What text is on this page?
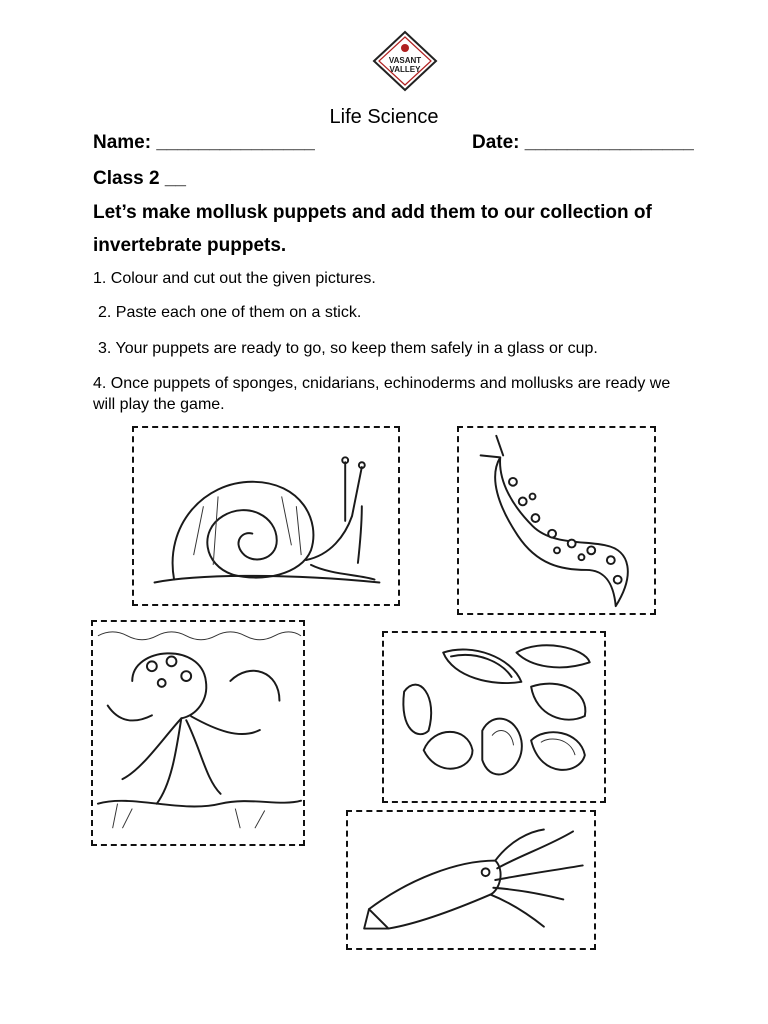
VASANT
VALLEY
Life Science
Name: _______________	Date: ________________
Class 2 __
Let’s make mollusk puppets and add them to our collection of
invertebrate puppets.
1. Colour and cut out the given pictures.
2. Paste each one of them on a stick.
3. Your puppets are ready to go, so keep them safely in a glass or cup.
4. Once puppets of sponges, cnidarians, echinoderms and mollusks are ready we will play the game.
